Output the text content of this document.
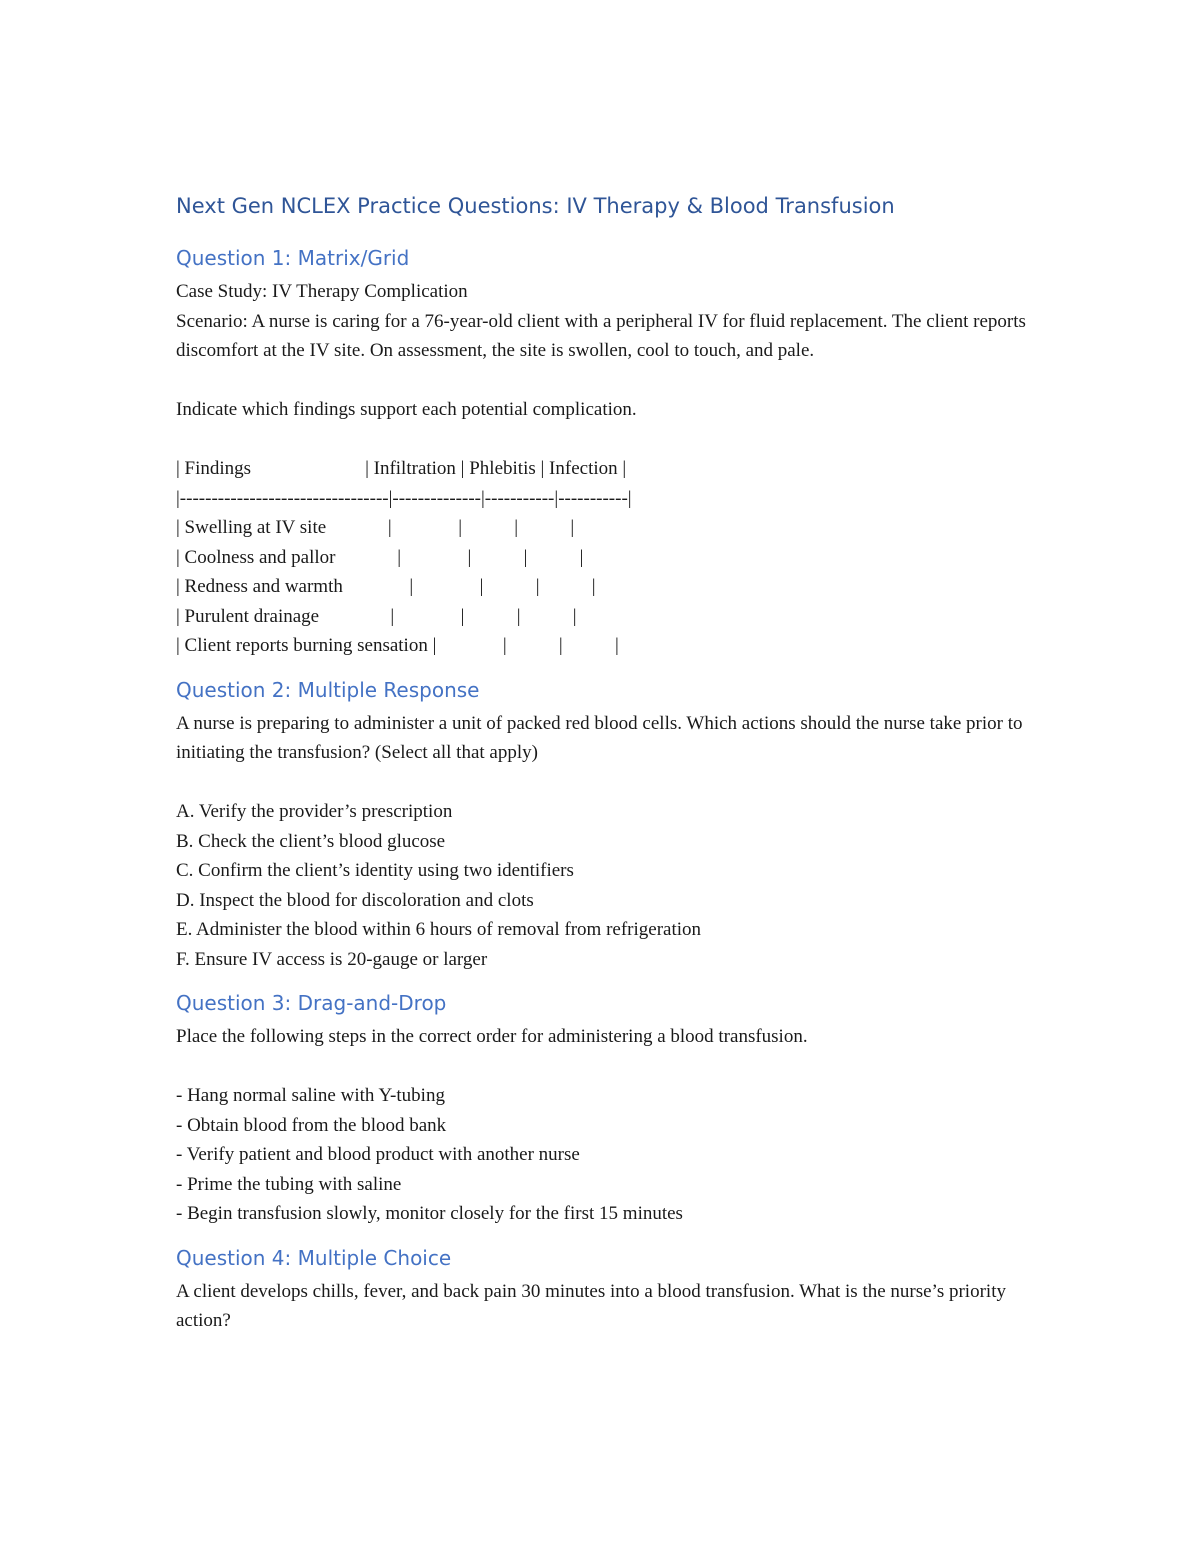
Next Gen NCLEX Practice Questions: IV Therapy & Blood Transfusion
Question 1: Matrix/Grid

Case Study: IV Therapy Complication

Scenario: A nurse is caring for a 76-year-old client with a peripheral IV for fluid replacement. The client reports discomfort at the IV site. On assessment, the site is swollen, cool to touch, and pale.

Indicate which findings support each potential complication.

| Findings                        | Infiltration | Phlebitis | Infection |

|---------------------------------|--------------|-----------|-----------|

| Swelling at IV site             |              |           |           |

| Coolness and pallor             |              |           |           |

| Redness and warmth              |              |           |           |

| Purulent drainage               |              |           |           |

| Client reports burning sensation |              |           |           |

Question 2: Multiple Response

A nurse is preparing to administer a unit of packed red blood cells. Which actions should the nurse take prior to initiating the transfusion? (Select all that apply)

A. Verify the provider’s prescription

B. Check the client’s blood glucose

C. Confirm the client’s identity using two identifiers

D. Inspect the blood for discoloration and clots

E. Administer the blood within 6 hours of removal from refrigeration

F. Ensure IV access is 20-gauge or larger

Question 3: Drag-and-Drop

Place the following steps in the correct order for administering a blood transfusion.

- Hang normal saline with Y-tubing

- Obtain blood from the blood bank

- Verify patient and blood product with another nurse

- Prime the tubing with saline

- Begin transfusion slowly, monitor closely for the first 15 minutes

Question 4: Multiple Choice

A client develops chills, fever, and back pain 30 minutes into a blood transfusion. What is the nurse’s priority action?
